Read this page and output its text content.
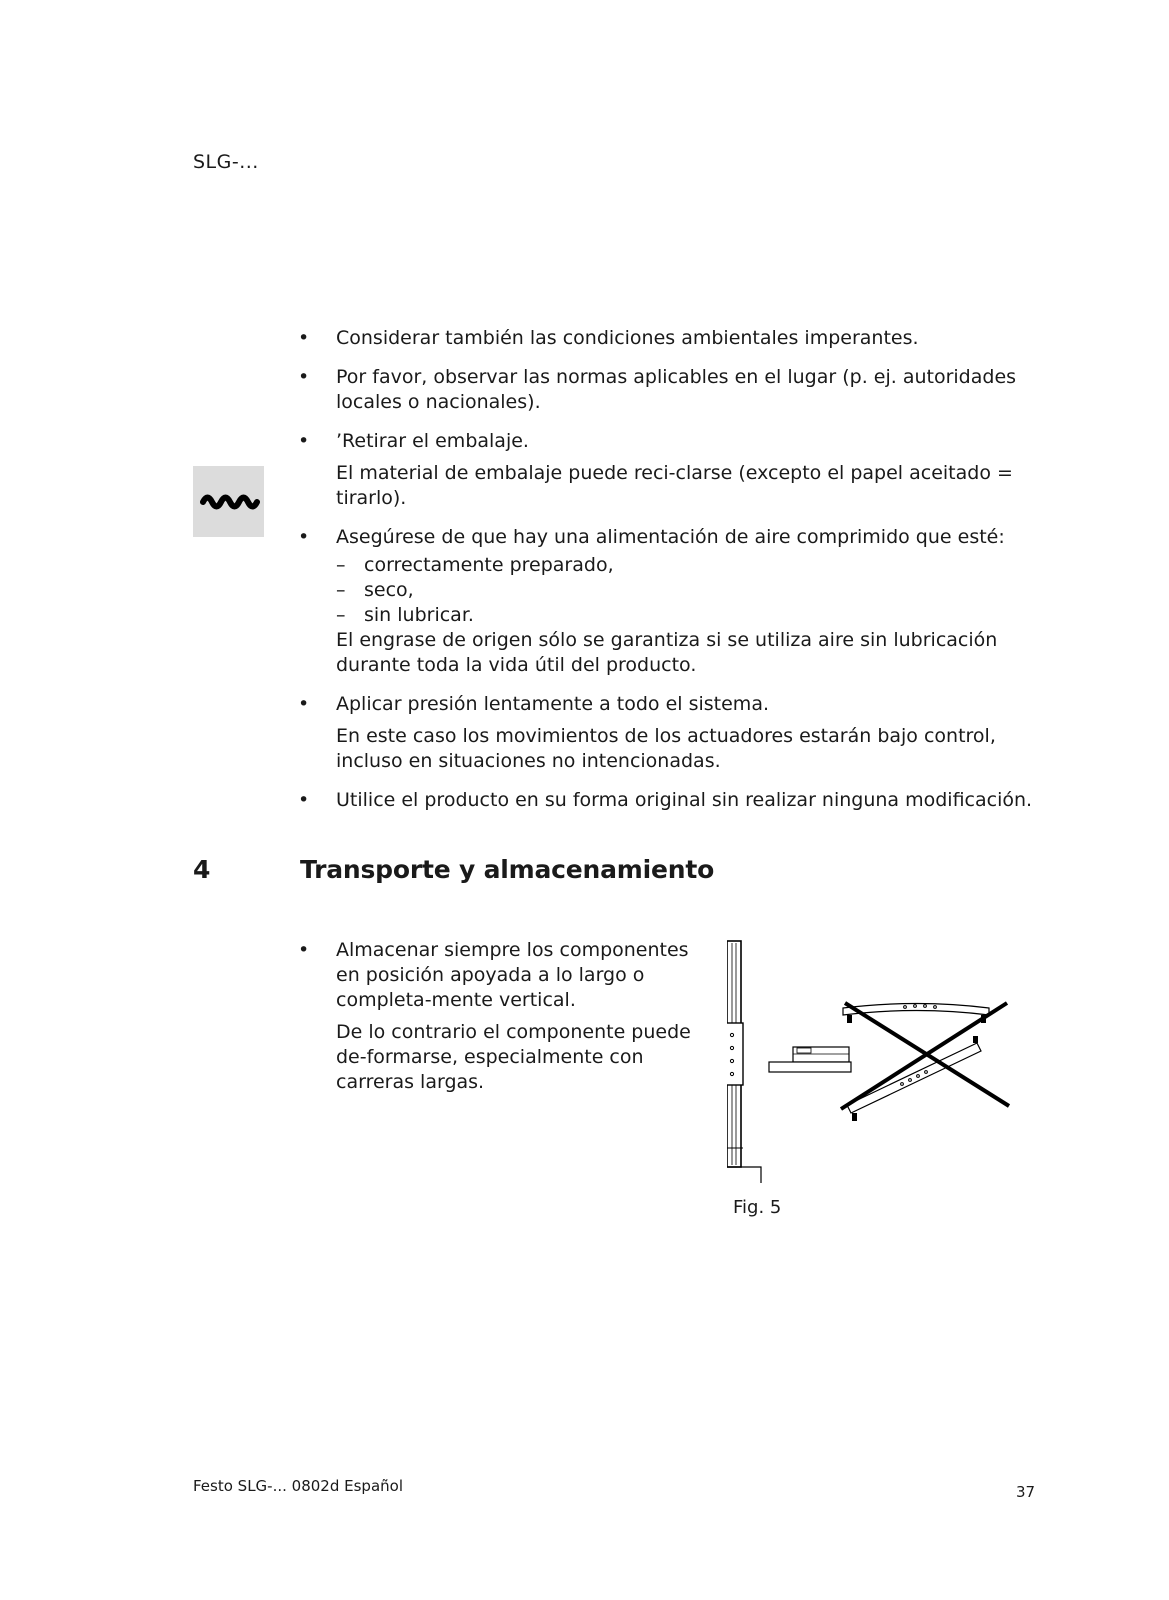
SLG-...
• Considerar también las condiciones ambientales imperantes.

• Por favor, observar las normas aplicables en el lugar (p. ej. autoridades locales o nacionales).

• ’Retirar el embalaje.

El material de embalaje puede reci-clarse (excepto el papel aceitado = tirarlo).

• Asegúrese de que hay una alimentación de aire comprimido que esté:

– correctamente preparado,
– seco,
– sin lubricar.

El engrase de origen sólo se garantiza si se utiliza aire sin lubricación durante toda la vida útil del producto.

• Aplicar presión lentamente a todo el sistema.

En este caso los movimientos de los actuadores estarán bajo control, incluso en situaciones no intencionadas.

• Utilice el producto en su forma original sin realizar ninguna modificación.

4	Transporte y almacenamiento
• Almacenar siempre los componentes en posición apoyada a lo largo o completa-mente vertical.

De lo contrario el componente puede de-formarse, especialmente con carreras largas.

Fig. 5
Festo SLG-... 0802d Español	37
